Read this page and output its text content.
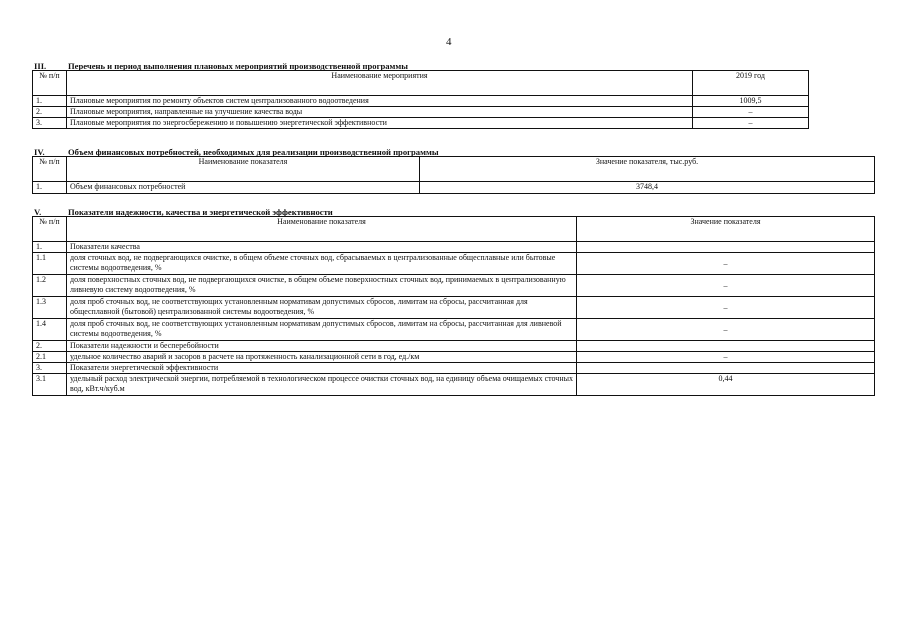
4
III.	Перечень и период выполнения плановых мероприятий производственной программы
№ п/п	Наименование мероприятия	2019 год
1.	Плановые мероприятия по ремонту объектов систем централизованного водоотведения	1009,5
2.	Плановые мероприятия, направленные на улучшение качества воды	–
3.	Плановые мероприятия по энергосбережению и повышению энергетической эффективности	–
IV.	Объем финансовых потребностей, необходимых для реализации производственной программы
№ п/п	Наименование показателя	Значение показателя, тыс.руб.
1.	Объем финансовых потребностей	3748,4
V.	Показатели надежности, качества и энергетической эффективности
№ п/п	Наименование показателя	Значение показателя
1.	Показатели качества	
1.1	доля сточных вод, не подвергающихся очистке, в общем объеме сточных вод, сбрасываемых в централизованные общесплавные или бытовые системы водоотведения, %	–
1.2	доля поверхностных сточных вод, не подвергающихся очистке, в общем объеме поверхностных сточных вод, принимаемых в централизованную ливневую систему водоотведения, %	–
1.3	доля проб сточных вод, не соответствующих установленным нормативам допустимых сбросов, лимитам на сбросы, рассчитанная для общесплавной (бытовой) централизованной системы водоотведения, %	–
1.4	доля проб сточных вод, не соответствующих установленным нормативам допустимых сбросов, лимитам на сбросы, рассчитанная для ливневой системы водоотведения, %	–
2.	Показатели надежности и бесперебойности	
2.1	удельное количество аварий и засоров в расчете на протяженность канализационной сети в год, ед./км	–
3.	Показатели энергетической эффективности	
3.1	удельный расход электрической энергии, потребляемой в технологическом процессе очистки сточных вод, на единицу объема очищаемых сточных вод, кВт.ч/куб.м	0,44
